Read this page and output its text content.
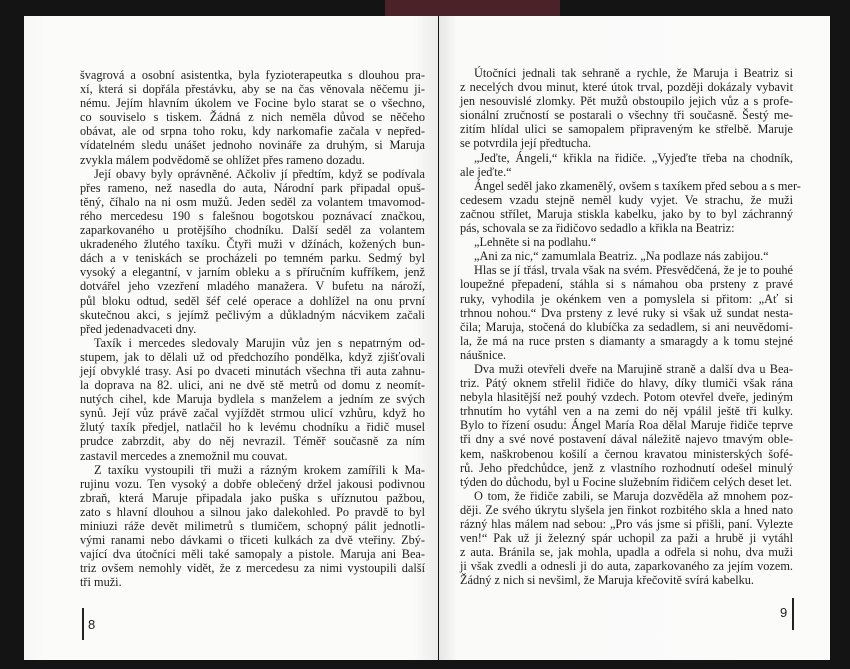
švagrová a osobní asistentka, byla fyzioterapeutka s dlouhou pra-
xí, která si dopřála přestávku, aby se na čas věnovala něčemu ji-
nému. Jejím hlavním úkolem ve Focine bylo starat se o všechno,
co souviselo s tiskem. Žádná z nich neměla důvod se něčeho
obávat, ale od srpna toho roku, kdy narkomafie začala v nepřed-
vídatelném sledu unášet jednoho novináře za druhým, si Maruja
zvykla málem podvědomě se ohlížet přes rameno dozadu.
Její obavy byly oprávněné. Ačkoliv jí předtím, když se podívala
přes rameno, než nasedla do auta, Národní park připadal opuš-
těný, číhalo na ni osm mužů. Jeden seděl za volantem tmavomod-
rého mercedesu 190 s falešnou bogotskou poznávací značkou,
zaparkovaného u protějšího chodníku. Další seděl za volantem
ukradeného žlutého taxíku. Čtyři muži v džínách, kožených bun-
dách a v teniskách se procházeli po temném parku. Sedmý byl
vysoký a elegantní, v jarním obleku a s příručním kufříkem, jenž
dotvářel jeho vzezření mladého manažera. V bufetu na nároží,
půl bloku odtud, seděl šéf celé operace a dohlížel na onu první
skutečnou akci, s jejímž pečlivým a důkladným nácvikem začali
před jedenadvaceti dny.
Taxík i mercedes sledovaly Marujin vůz jen s nepatrným od-
stupem, jak to dělali už od předchozího pondělka, když zjišťovali
její obvyklé trasy. Asi po dvaceti minutách všechna tři auta zahnu-
la doprava na 82. ulici, ani ne dvě stě metrů od domu z neomít-
nutých cihel, kde Maruja bydlela s manželem a jedním ze svých
synů. Její vůz právě začal vyjíždět strmou ulicí vzhůru, když ho
žlutý taxík předjel, natlačil ho k levému chodníku a řidič musel
prudce zabrzdit, aby do něj nevrazil. Téměř současně za ním
zastavil mercedes a znemožnil mu couvat.
Z taxíku vystoupili tři muži a rázným krokem zamířili k Ma-
rujinu vozu. Ten vysoký a dobře oblečený držel jakousi podivnou
zbraň, která Maruje připadala jako puška s uříznutou pažbou,
zato s hlavní dlouhou a silnou jako dalekohled. Po pravdě to byl
miniuzi ráže devět milimetrů s tlumičem, schopný pálit jednotli-
vými ranami nebo dávkami o třiceti kulkách za dvě vteřiny. Zbý-
vající dva útočníci měli také samopaly a pistole. Maruja ani Bea-
triz ovšem nemohly vidět, že z mercedesu za nimi vystoupili další
tři muži.
8
Útočníci jednali tak sehraně a rychle, že Maruja i Beatriz si
z necelých dvou minut, které útok trval, později dokázaly vybavit
jen nesouvislé zlomky. Pět mužů obstoupilo jejich vůz a s profe-
sionální zručností se postarali o všechny tři současně. Šestý me-
zitím hlídal ulici se samopalem připraveným ke střelbě. Maruje
se potvrdila její předtucha.
„Jeďte, Ángeli,“ křikla na řidiče. „Vyjeďte třeba na chodník,
ale jeďte.“
Ángel seděl jako zkamenělý, ovšem s taxíkem před sebou a s mer-
cedesem vzadu stejně neměl kudy vyjet. Ve strachu, že muži
začnou střílet, Maruja stiskla kabelku, jako by to byl záchranný
pás, schovala se za řidičovo sedadlo a křikla na Beatriz:
„Lehněte si na podlahu.“
„Ani za nic,“ zamumlala Beatriz. „Na podlaze nás zabijou.“
Hlas se jí třásl, trvala však na svém. Přesvědčená, že je to pouhé
loupežné přepadení, stáhla si s námahou oba prsteny z pravé
ruky, vyhodila je okénkem ven a pomyslela si přitom: „Ať si
trhnou nohou.“ Dva prsteny z levé ruky si však už sundat nesta-
čila; Maruja, stočená do klubíčka za sedadlem, si ani neuvědomi-
la, že má na ruce prsten s diamanty a smaragdy a k tomu stejné
náušnice.
Dva muži otevřeli dveře na Marujině straně a další dva u Bea-
triz. Pátý oknem střelil řidiče do hlavy, díky tlumiči však rána
nebyla hlasitější než pouhý vzdech. Potom otevřel dveře, jediným
trhnutím ho vytáhl ven a na zemi do něj vpálil ještě tři kulky.
Bylo to řízení osudu: Ángel María Roa dělal Maruje řidiče teprve
tři dny a své nové postavení dával náležitě najevo tmavým oble-
kem, naškrobenou košilí a černou kravatou ministerských šofé-
rů. Jeho předchůdce, jenž z vlastního rozhodnutí odešel minulý
týden do důchodu, byl u Focine služebním řidičem celých deset let.
O tom, že řidiče zabili, se Maruja dozvěděla až mnohem poz-
ději. Ze svého úkrytu slyšela jen řinkot rozbitého skla a hned nato
rázný hlas málem nad sebou: „Pro vás jsme si přišli, paní. Vylezte
ven!“ Pak už ji železný spár uchopil za paži a hrubě ji vytáhl
z auta. Bránila se, jak mohla, upadla a odřela si nohu, dva muži
ji však zvedli a odnesli ji do auta, zaparkovaného za jejím vozem.
Žádný z nich si nevšiml, že Maruja křečovitě svírá kabelku.
9
